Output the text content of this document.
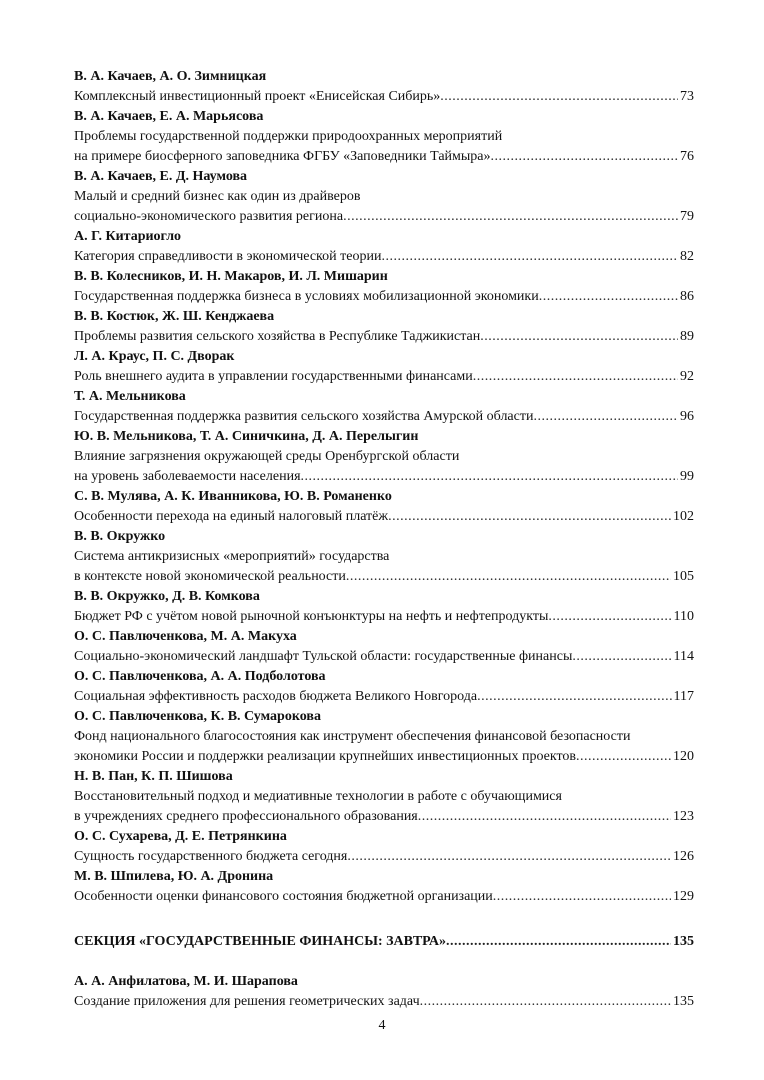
В. А. Качаев, А. О. Зимницкая
Комплексный инвестиционный проект «Енисейская Сибирь» .....	73
В. А. Качаев, Е. А. Марьясова
Проблемы государственной поддержки природоохранных мероприятий
на примере биосферного заповедника ФГБУ «Заповедники Таймыра» .....	76
В. А. Качаев, Е. Д. Наумова
Малый и средний бизнес как один из драйверов
социально-экономического развития региона .....	79
А. Г. Китариогло
Категория справедливости в экономической теории .....	82
В. В. Колесников, И. Н. Макаров, И. Л. Мишарин
Государственная поддержка бизнеса в условиях мобилизационной экономики .....	86
В. В. Костюк, Ж. Ш. Кенджаева
Проблемы развития сельского хозяйства в Республике Таджикистан .....	89
Л. А. Краус, П. С. Дворак
Роль внешнего аудита в управлении государственными финансами .....	92
Т. А. Мельникова
Государственная поддержка развития сельского хозяйства Амурской области .....	96
Ю. В. Мельникова, Т. А. Синичкина, Д. А. Перелыгин
Влияние загрязнения окружающей среды Оренбургской области
на уровень заболеваемости населения .....	99
С. В. Мулява, А. К. Иванникова, Ю. В. Романенко
Особенности перехода на единый налоговый платёж .....	102
В. В. Окружко
Система антикризисных «мероприятий» государства
в контексте новой экономической реальности .....	105
В. В. Окружко, Д. В. Комкова
Бюджет РФ с учётом новой рыночной конъюнктуры на нефть и нефтепродукты .....	110
О. С. Павлюченкова, М. А. Макуха
Социально-экономический ландшафт Тульской области: государственные финансы .....	114
О. С. Павлюченкова, А. А. Подболотова
Социальная эффективность расходов бюджета Великого Новгорода .....	117
О. С. Павлюченкова, К. В. Сумарокова
Фонд национального благосостояния как инструмент обеспечения финансовой безопасности
экономики России и поддержки реализации крупнейших инвестиционных проектов .....	120
Н. В. Пан, К. П. Шишова
Восстановительный подход и медиативные технологии в работе с обучающимися
в учреждениях среднего профессионального образования .....	123
О. С. Сухарева, Д. Е. Петрянкина
Сущность государственного бюджета сегодня .....	126
М. В. Шпилева, Ю. А. Дронина
Особенности оценки финансового состояния бюджетной организации .....	129
СЕКЦИЯ «ГОСУДАРСТВЕННЫЕ ФИНАНСЫ: ЗАВТРА» .....	135
А. А. Анфилатова, М. И. Шарапова
Создание приложения для решения геометрических задач .....	135
4
